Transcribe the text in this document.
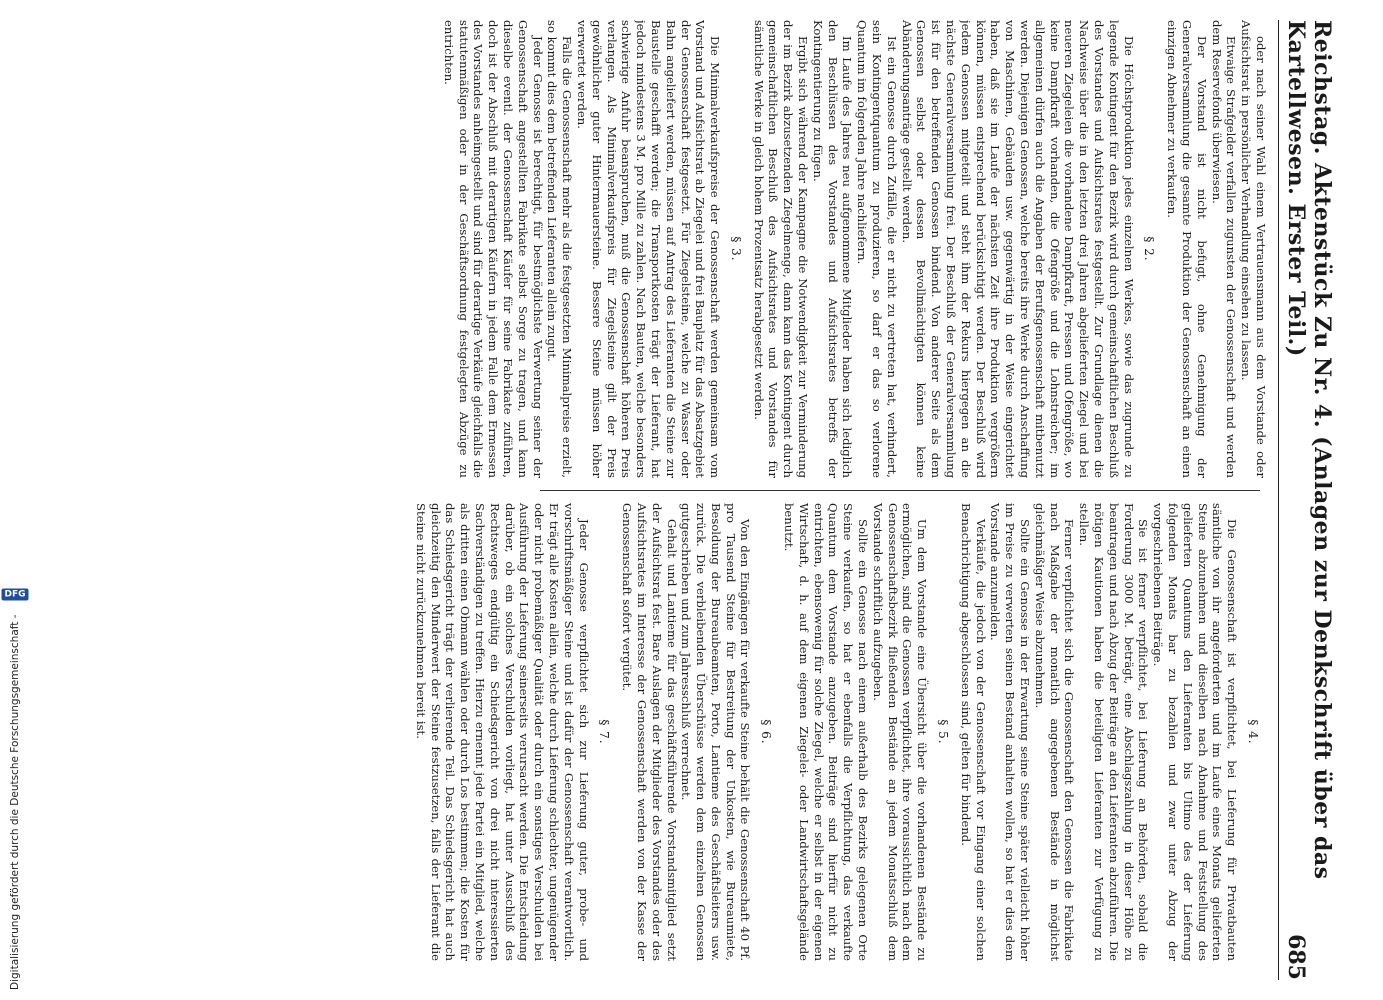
Reichstag. Aktenstück Zu Nr. 4. (Anlagen zur Denkschrift über das Kartellwesen. Erster Teil.)
685

oder nach seiner Wahl einem Vertrauensmann aus dem Vorstande oder Aufsichtsrat in persönlicher Verhandlung einsehen zu lassen.

Etwaige Strafgelder verfallen zugunsten der Genossenschaft und werden dem Reservefonds überwiesen.

Der Vorstand ist nicht befugt, ohne Genehmigung der Generalversammlung die gesamte Produktion der Genossenschaft an einen einzigen Abnehmer zu verkaufen.

§ 2.

Die Höchstproduktion jedes einzelnen Werkes, sowie das zugrunde zu legende Kontingent für den Bezirk wird durch gemeinschaftlichen Beschluß des Vorstandes und Aufsichtsrates festgestellt. Zur Grundlage dienen die Nachweise über die in den letzten drei Jahren abgelieferten Ziegel und bei neueren Ziegeleien die vorhandene Dampfkraft, Pressen und Ofengröße, wo keine Dampfkraft vorhanden, die Ofengröße und die Lohnstreicher; im allgemeinen dürfen auch die Angaben der Berufsgenossenschaft mitbenutzt werden. Diejenigen Genossen, welche bereits ihre Werke durch Anschaffung von Maschinen, Gebäuden usw. gegenwärtig in der Weise eingerichtet haben, daß sie im Laufe der nächsten Zeit ihre Produktion vergrößern können, müssen entsprechend berücksichtigt werden. Der Beschluß wird jedem Genossen mitgeteilt und steht ihm der Rekurs hiergegen an die nächste Generalversammlung frei. Der Beschluß der Generalversammlung ist für den betreffenden Genossen bindend. Von anderer Seite als dem Genossen selbst oder dessen Bevollmächtigten können keine Abänderungsanträge gestellt werden.

Ist ein Genosse durch Zufälle, die er nicht zu vertreten hat, verhindert, sein Kontingentquantum zu produzieren, so darf er das so verlorene Quantum im folgenden Jahre nachliefern.

Im Laufe des Jahres neu aufgenommene Mitglieder haben sich lediglich den Beschlüssen des Vorstandes und Aufsichtsrates betreffs der Kontingentierung zu fügen.

Ergibt sich während der Kampagne die Notwendigkeit zur Verminderung der im Bezirk abzusetzenden Ziegelmenge, dann kann das Kontingent durch gemeinschaftlichen Beschluß des Aufsichtsrates und Vorstandes für sämtliche Werke in gleich hohem Prozentsatz herabgesetzt werden.

§ 3.

Die Minimalverkaufspreise der Genossenschaft werden gemeinsam vom Vorstand und Aufsichtsrat ab Ziegelei und frei Bauplatz für das Absatzgebiet der Genossenschaft festgesetzt. Für Ziegelsteine, welche zu Wasser oder Bahn angeliefert werden, müssen auf Antrag des Lieferanten die Steine zur Baustelle geschafft werden; die Transportkosten trägt der Lieferant, hat jedoch mindestens 3 M. pro Mille zu zahlen. Nach Bauten, welche besonders schwierige Anfuhr beanspruchen, muß die Genossenschaft höheren Preis verlangen. Als Minimalverkaufspreis für Ziegelsteine gilt der Preis gewöhnlicher guter Hintermauersteine. Bessere Steine müssen höher verwertet werden.

Falls die Genossenschaft mehr als die festgesetzten Minimalpreise erzielt, so kommt dies dem betreffenden Lieferanten allein zugut.

Jeder Genosse ist berechtigt, für bestmöglichste Verwertung seiner der Genossenschaft angestellten Fabrikate selbst Sorge zu tragen, und kann dieselbe eventl. der Genossenschaft Käufer für seine Fabrikate zuführen, doch ist der Abschluß mit derartigen Käufern in jedem Falle dem Ermessen des Vorstandes anheimgestellt und sind für derartige Verkäufe gleichfalls die statutenmäßigen oder in der Geschäftsordnung festgelegten Abzüge zu entrichten.

§ 4.

Die Genossenschaft ist verpflichtet, bei Lieferung für Privatbauten sämtliche von ihr angeforderten und im Laufe eines Monats gelieferten Steine abzunehmen und dieselben nach Abnahme und Feststellung des gelieferten Quantums den Lieferanten bis Ultimo des der Lieferung folgenden Monats bar zu bezahlen und zwar unter Abzug der vorgeschriebenen Beiträge.

Sie ist ferner verpflichtet, bei Lieferung an Behörden, sobald die Forderung 3000 M. beträgt, eine Abschlagszahlung in dieser Höhe zu beantragen und nach Abzug der Beiträge an den Lieferanten abzuführen. Die nötigen Kautionen haben die beteiligten Lieferanten zur Verfügung zu stellen.

Ferner verpflichtet sich die Genossenschaft den Genossen die Fabrikate nach Maßgabe der monatlich angegebenen Bestände in möglichst gleichmäßiger Weise abzunehmen.

Sollte ein Genosse in der Erwartung seine Steine später vielleicht höher im Preise zu verwerten seinen Bestand anhalten wollen, so hat er dies dem Vorstande anzumelden.

Verkäufe, die jedoch von der Genossenschaft vor Eingang einer solchen Benachrichtigung abgeschlossen sind, gelten für bindend.

§ 5.

Um dem Vorstande eine Übersicht über die vorhandenen Bestände zu ermöglichen, sind die Genossen verpflichtet, ihre voraussichtlich nach dem Genossenschaftsbezirk fließenden Bestände an jedem Monatsschluß dem Vorstande schriftlich aufzugeben.

Sollte ein Genosse nach einem außerhalb des Bezirks gelegenen Orte Steine verkaufen, so hat er ebenfalls die Verpflichtung, das verkaufte Quantum dem Vorstande anzugeben. Beiträge sind hierfür nicht zu entrichten, ebensowenig für solche Ziegel, welche er selbst in der eigenen Wirtschaft, d. h. auf dem eigenen Ziegelei- oder Landwirtschaftsgelände benutzt.

§ 6.

Von den Eingängen für verkaufte Steine behält die Genossenschaft 40 Pf. pro Tausend Steine für Bestreitung der Unkosten, wie Bureaumiete, Besoldung der Bureaubeamten, Porto, Lantieme des Geschäftsleiters usw. zurück. Die verbleibenden Überschüsse werden dem einzelnen Genossen gutgeschrieben und zum Jahresschluß verrechnet.

Gehalt und Lantieme für das geschäftsführende Vorstandsmitglied setzt der Aufsichtsrat fest. Bare Auslagen der Mitglieder des Vorstandes oder des Aufsichtsrates im Interesse der Genossenschaft werden von der Kasse der Genossenschaft sofort vergütet.

§ 7.

Jeder Genosse verpflichtet sich zur Lieferung guter, probe- und vorschriftsmäßiger Steine und ist dafür der Genossenschaft verantwortlich. Er trägt alle Kosten allein, welche durch Lieferung schlechter, ungenügender oder nicht probemäßiger Qualität oder durch ein sonstiges Verschulden bei Ausführung der Lieferung seinerseits verursacht werden. Die Entscheidung darüber, ob ein solches Verschulden vorliegt, hat unter Ausschluß des Rechtsweges endgültig ein Schiedsgericht von drei nicht interessierten Sachverständigen zu treffen. Hierzu ernennt jede Partei ein Mitglied, welche als dritten einen Obmann wählen oder durch Los bestimmen; die Kosten für das Schiedsgericht trägt der verlierende Teil. Das Schiedsgericht hat auch gleichzeitig den Minderwert der Steine festzusetzen, falls der Lieferant die Steine nicht zurückzunehmen bereit ist.

Digitalisierung gefördert durch die Deutsche Forschungsgemeinschaft -
DFG
